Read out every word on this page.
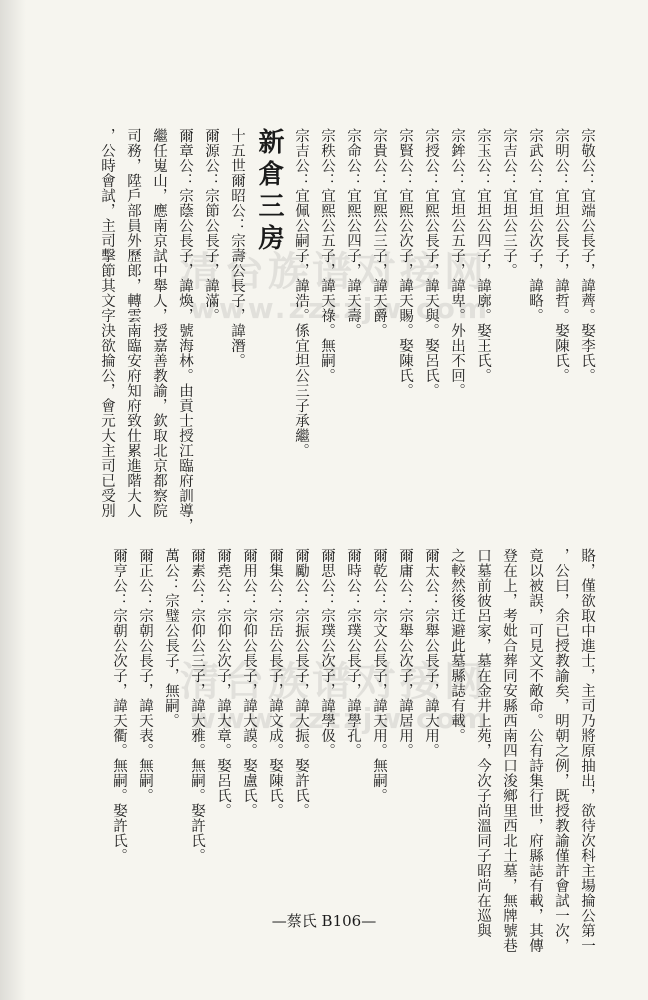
清台族谱对接网
www.zztzjw.com
清台族谱对接网
www.zztzjw.com
宗敬公：宜端公長子，諱薺。娶李氏。
宗明公：宜坦公長子，諱哲。娶陳氏。
宗武公：宜坦公次子，諱略。
宗吉公：宜坦公三子。
宗玉公：宜坦公四子，諱廓。娶王氏。
宗鉾公：宜坦公五子，諱卑。外出不回。
宗授公：宜熙公長子，諱天與。娶呂氏。
宗賢公：宜熙公次子，諱天賜。娶陳氏。
宗貴公：宜熙公三子，諱天爵。
宗命公：宜熙公四子，諱天壽。
宗秩公：宜熙公五子，諱天祿。無嗣。
宗吉公：宜佩公嗣子，諱浩。係宜坦公三子承繼。
新倉三房
十五世爾昭公：宗壽公長子，諱潛。
爾源公：宗節公長子，諱滿。
爾章公：宗蔭公長子，諱煥，號海林。由貢士授江臨府訓導，
繼任嵬山，應南京試中舉人，授嘉善教諭，欽取北京都察院
司務，陞戶部員外歷郎，轉雲南臨安府知府致仕累進階大人
，公時會試，主司擊節其文字決欲掄公，會元大主司已受別
賂，僅欲取中進士，主司乃將原抽出，欲待次科主場掄公第一
，公曰，余已授教諭矣，明朝之例，既授教諭僅許會試一次，
竟以被誤，可見文不敵命。公有詩集行世，府縣誌有載，其傳
登在上，考妣合葬同安縣西南四口浚鄉里西北土墓，無牌號巷
口墓前彼呂家，墓在金井上苑，今次子尚溫同子昭尚在巡與
之較然後迁避此墓縣誌有載。
爾太公：宗舉公長子，諱大用。
爾庸公：宗舉公次子，諱居用。
爾乾公：宗文公長子，諱天用。無嗣。
爾時公：宗璞公長子，諱學孔。
爾思公：宗璞公次子，諱學伋。
爾勵公：宗振公長子，諱大振。娶許氏。
爾集公：宗岳公長子，諱文成。娶陳氏。
爾用公：宗仰公長子，諱大謨。娶盧氏。
爾堯公：宗仰公次子，諱大章。娶呂氏。
爾素公：宗仰公三子，諱大雅。無嗣。娶許氏。
萬公：宗璧公長子，無嗣。
爾正公：宗朝公長子，諱天表。無嗣。
爾亨公：宗朝公次子，諱天衢。無嗣。娶許氏。
—蔡氏 B106—
